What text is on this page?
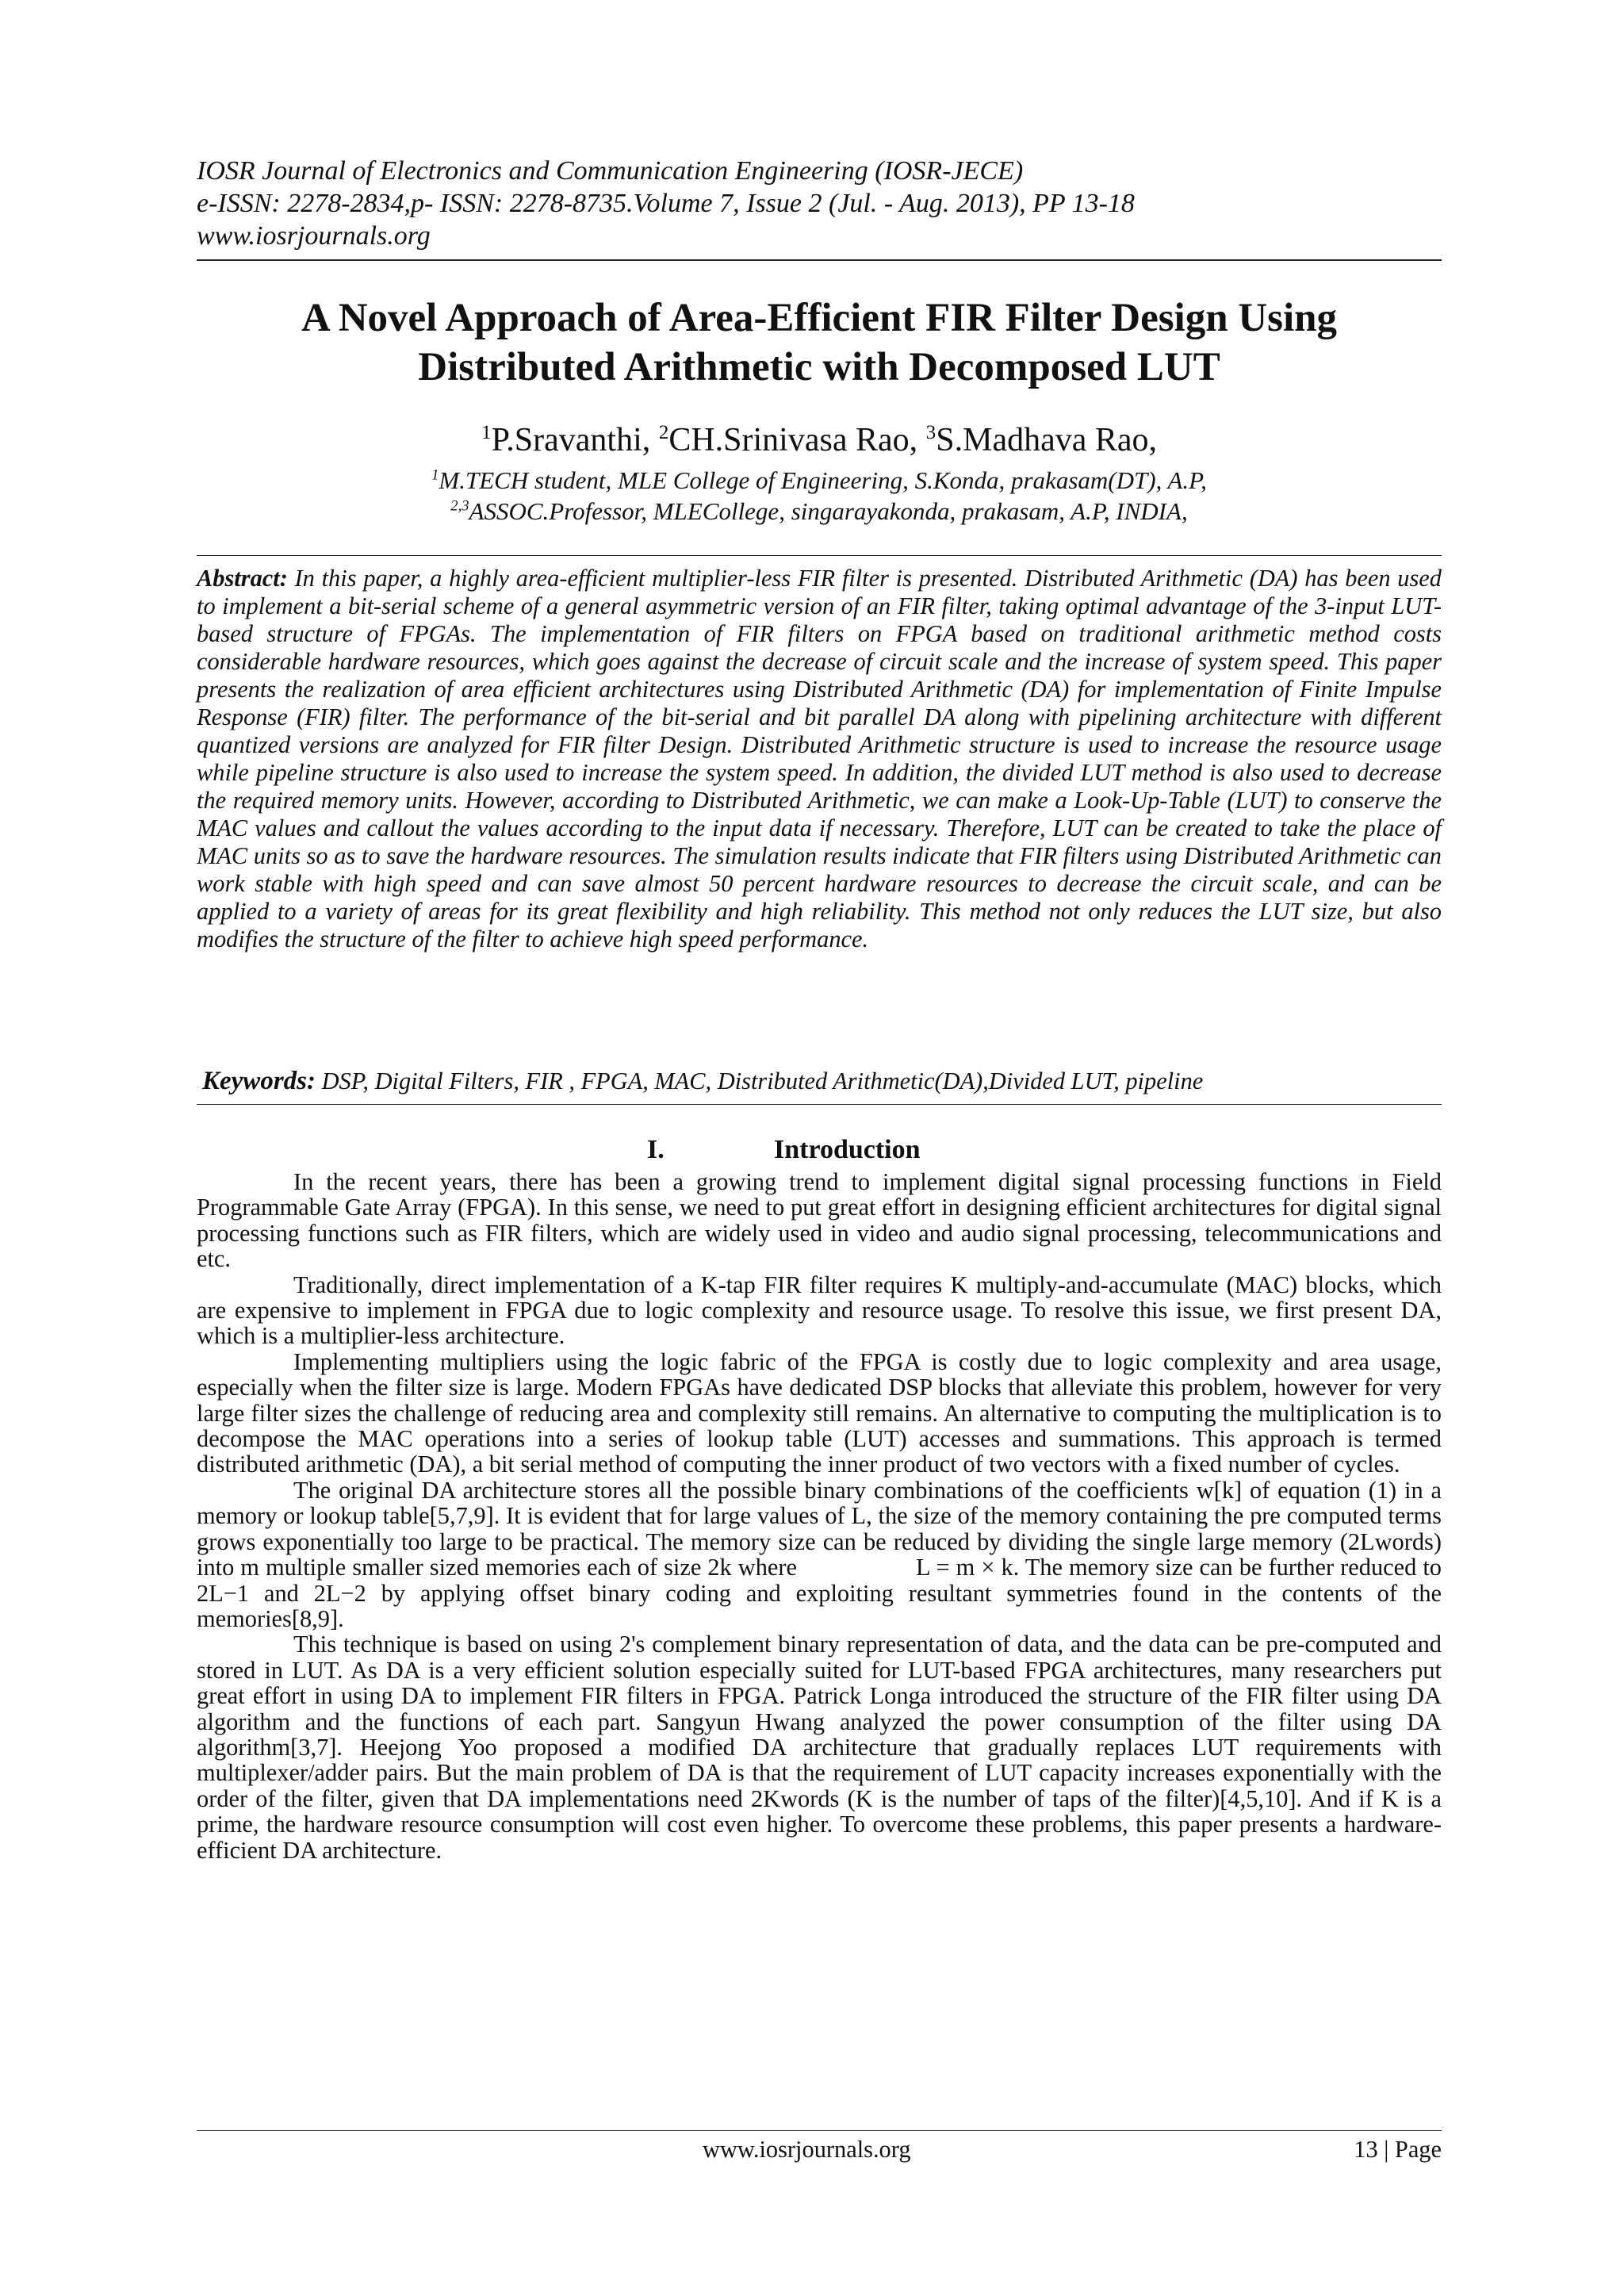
IOSR Journal of Electronics and Communication Engineering (IOSR-JECE)
e-ISSN: 2278-2834,p- ISSN: 2278-8735.Volume 7, Issue 2 (Jul. - Aug. 2013), PP 13-18
www.iosrjournals.org
A Novel Approach of Area-Efficient FIR Filter Design Using
Distributed Arithmetic with Decomposed LUT
$^1$P.Sravanthi, $^2$CH.Srinivasa Rao, $^3$S.Madhava Rao,
$^1$M.TECH student, MLE College of Engineering, S.Konda, prakasam(DT), A.P,
$^{2,3}$ASSOC.Professor, MLECollege, singarayakonda, prakasam, A.P, INDIA,
Abstract: In this paper, a highly area-efficient multiplier-less FIR filter is presented. Distributed Arithmetic (DA) has been used to implement a bit-serial scheme of a general asymmetric version of an FIR filter, taking optimal advantage of the 3-input LUT-based structure of FPGAs. The implementation of FIR filters on FPGA based on traditional arithmetic method costs considerable hardware resources, which goes against the decrease of circuit scale and the increase of system speed. This paper presents the realization of area efficient architectures using Distributed Arithmetic (DA) for implementation of Finite Impulse Response (FIR) filter. The performance of the bit-serial and bit parallel DA along with pipelining architecture with different quantized versions are analyzed for FIR filter Design. Distributed Arithmetic structure is used to increase the resource usage while pipeline structure is also used to increase the system speed. In addition, the divided LUT method is also used to decrease the required memory units. However, according to Distributed Arithmetic, we can make a Look-Up-Table (LUT) to conserve the MAC values and callout the values according to the input data if necessary. Therefore, LUT can be created to take the place of MAC units so as to save the hardware resources. The simulation results indicate that FIR filters using Distributed Arithmetic can work stable with high speed and can save almost 50 percent hardware resources to decrease the circuit scale, and can be applied to a variety of areas for its great flexibility and high reliability. This method not only reduces the LUT size, but also modifies the structure of the filter to achieve high speed performance.
Keywords: DSP, Digital Filters, FIR , FPGA, MAC, Distributed Arithmetic(DA),Divided LUT, pipeline
I.	Introduction

In the recent years, there has been a growing trend to implement digital signal processing functions in Field Programmable Gate Array (FPGA). In this sense, we need to put great effort in designing efficient architectures for digital signal processing functions such as FIR filters, which are widely used in video and audio signal processing, telecommunications and etc.

Traditionally, direct implementation of a K-tap FIR filter requires K multiply-and-accumulate (MAC) blocks, which are expensive to implement in FPGA due to logic complexity and resource usage. To resolve this issue, we first present DA, which is a multiplier-less architecture.

Implementing multipliers using the logic fabric of the FPGA is costly due to logic complexity and area usage, especially when the filter size is large. Modern FPGAs have dedicated DSP blocks that alleviate this problem, however for very large filter sizes the challenge of reducing area and complexity still remains. An alternative to computing the multiplication is to decompose the MAC operations into a series of lookup table (LUT) accesses and summations. This approach is termed distributed arithmetic (DA), a bit serial method of computing the inner product of two vectors with a fixed number of cycles.

The original DA architecture stores all the possible binary combinations of the coefficients w[k] of equation (1) in a memory or lookup table[5,7,9]. It is evident that for large values of L, the size of the memory containing the pre computed terms grows exponentially too large to be practical. The memory size can be reduced by dividing the single large memory (2Lwords) into m multiple smaller sized memories each of size 2k where	L = m × k. The memory size can be further reduced to 2L−1 and 2L−2 by applying offset binary coding and exploiting resultant symmetries found in the contents of the memories[8,9].

This technique is based on using 2's complement binary representation of data, and the data can be pre-computed and stored in LUT. As DA is a very efficient solution especially suited for LUT-based FPGA architectures, many researchers put great effort in using DA to implement FIR filters in FPGA. Patrick Longa introduced the structure of the FIR filter using DA algorithm and the functions of each part. Sangyun Hwang analyzed the power consumption of the filter using DA algorithm[3,7]. Heejong Yoo proposed a modified DA architecture that gradually replaces LUT requirements with multiplexer/adder pairs. But the main problem of DA is that the requirement of LUT capacity increases exponentially with the order of the filter, given that DA implementations need 2Kwords (K is the number of taps of the filter)[4,5,10]. And if K is a prime, the hardware resource consumption will cost even higher. To overcome these problems, this paper presents a hardware-efficient DA architecture.

www.iosrjournals.org	13 | Page
